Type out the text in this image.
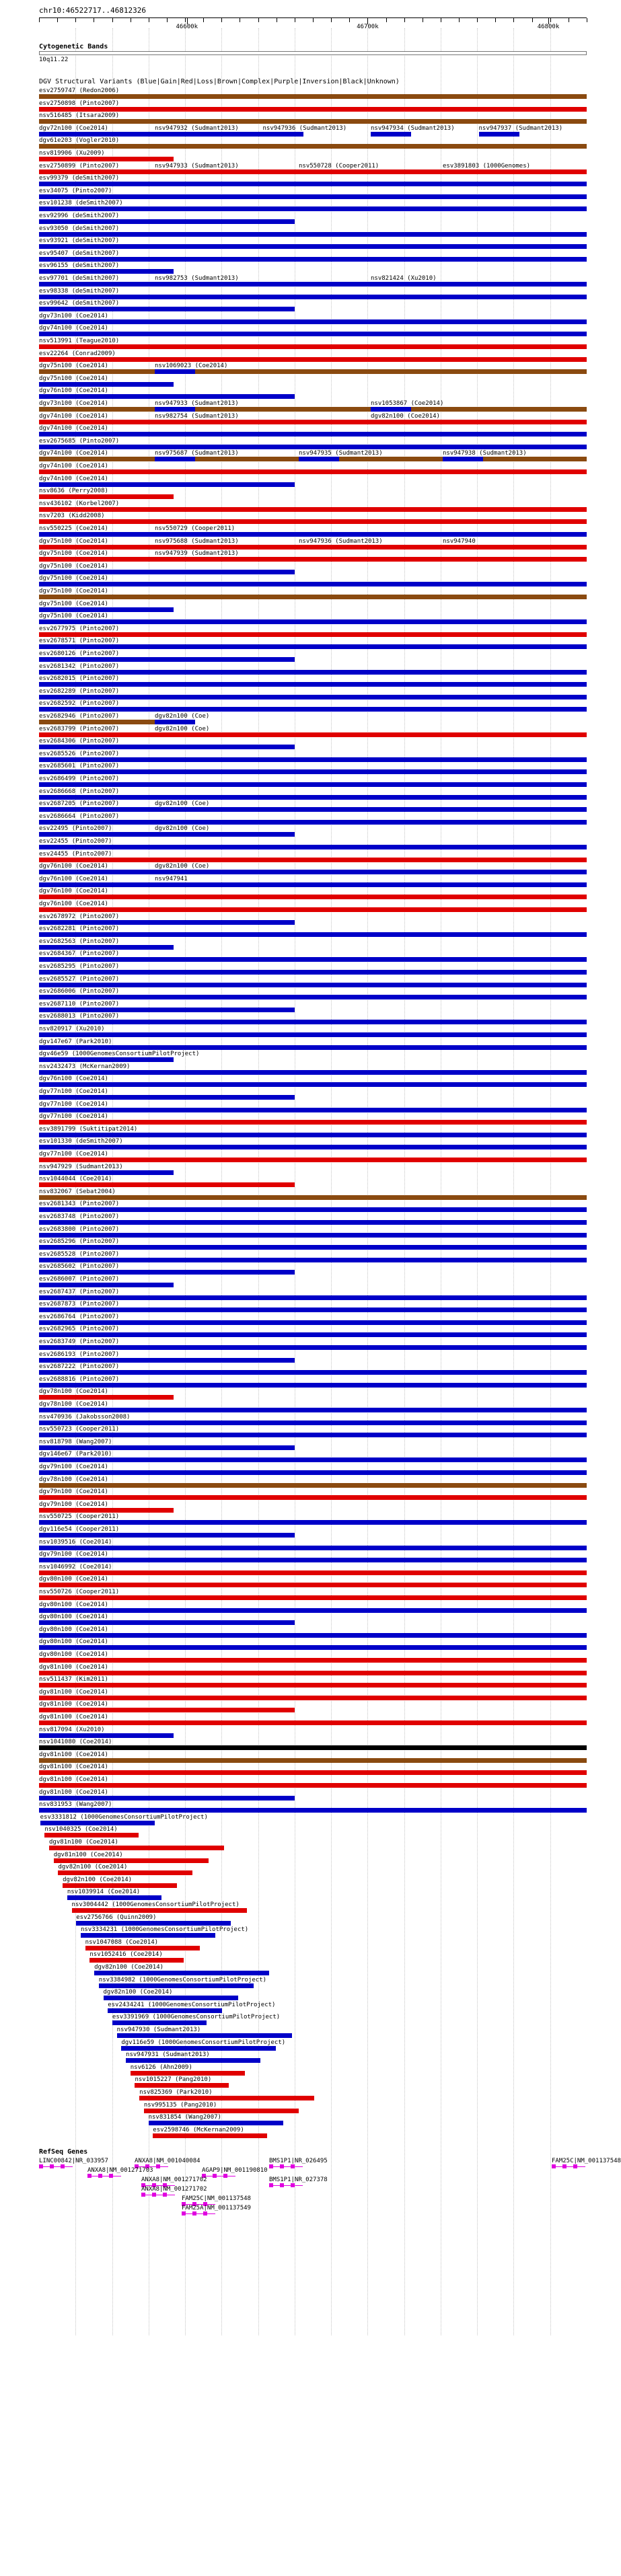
chr10:46522717..46812326
46600k	46700k	46800k
Cytogenetic Bands
10q11.22
DGV Structural Variants (Blue|Gain|Red|Loss|Brown|Complex|Purple|Inversion|Black|Unknown)
esv2759747 (Redon2006)
esv2750898 (Pinto2007)
nsv516485 (Itsara2009)
dgv72n100 (Coe2014)	nsv947932 (Sudmant2013)	nsv947936 (Sudmant2013)	nsv947934 (Sudmant2013)	nsv947937 (Sudmant2013)
dgv61e203 (Vogler2010)
nsv819906 (Xu2009)
esv2750899 (Pinto2007)	nsv947933 (Sudmant2013)	nsv550728 (Cooper2011)	esv3891803 (1000Genomes)
esv99379 (deSmith2007)
esv34075 (Pinto2007)
esv101238 (deSmith2007)
esv92996 (deSmith2007)
esv93050 (deSmith2007)
esv93921 (deSmith2007)
esv95407 (deSmith2007)
esv96155 (deSmith2007)
esv97701 (deSmith2007)	nsv982753 (Sudmant2013)	nsv821424 (Xu2010)
esv98338 (deSmith2007)
esv99642 (deSmith2007)
dgv73n100 (Coe2014)
dgv74n100 (Coe2014)
nsv513991 (Teague2010)
esv22264 (Conrad2009)
dgv75n100 (Coe2014)	nsv1069023 (Coe2014)
dgv75n100 (Coe2014)
dgv76n100 (Coe2014)
dgv73n100 (Coe2014)	nsv947933 (Sudmant2013)	nsv1053867 (Coe2014)
dgv74n100 (Coe2014)	nsv982754 (Sudmant2013)	dgv82n100 (Coe2014)
dgv74n100 (Coe2014)
esv2675685 (Pinto2007)
dgv74n100 (Coe2014)	nsv975687 (Sudmant2013)	nsv947935 (Sudmant2013)	nsv947938 (Sudmant2013)
dgv74n100 (Coe2014)
dgv74n100 (Coe2014)
nsv8636 (Perry2008)
nsv436102 (Korbel2007)
nsv7203 (Kidd2008)
nsv550225 (Coe2014)	nsv550729 (Cooper2011)
dgv75n100 (Coe2014)	nsv975688 (Sudmant2013)	nsv947936 (Sudmant2013)	nsv947940
dgv75n100 (Coe2014)	nsv947939 (Sudmant2013)
dgv75n100 (Coe2014)
dgv75n100 (Coe2014)
dgv75n100 (Coe2014)
dgv75n100 (Coe2014)
dgv75n100 (Coe2014)
esv2677975 (Pinto2007)
esv2678571 (Pinto2007)
esv2680126 (Pinto2007)
esv2681342 (Pinto2007)
esv2682015 (Pinto2007)
esv2682289 (Pinto2007)
esv2682592 (Pinto2007)
esv2682946 (Pinto2007)	dgv82n100 (Coe)
esv2683799 (Pinto2007)	dgv82n100 (Coe)
esv2684306 (Pinto2007)
esv2685526 (Pinto2007)
esv2685601 (Pinto2007)
esv2686499 (Pinto2007)
esv2686668 (Pinto2007)
esv2687205 (Pinto2007)	dgv82n100 (Coe)
esv2686664 (Pinto2007)
esv22495 (Pinto2007)	dgv82n100 (Coe)
esv22455 (Pinto2007)
esv24455 (Pinto2007)
dgv76n100 (Coe2014)	dgv82n100 (Coe)
dgv76n100 (Coe2014)	nsv947941
dgv76n100 (Coe2014)
dgv76n100 (Coe2014)
esv2678972 (Pinto2007)
esv2682281 (Pinto2007)
esv2682563 (Pinto2007)
esv2684367 (Pinto2007)
esv2685295 (Pinto2007)
esv2685527 (Pinto2007)
esv2686006 (Pinto2007)
esv2687110 (Pinto2007)
esv2688013 (Pinto2007)
nsv820917 (Xu2010)
dgv147e67 (Park2010)
dgv46e59 (1000GenomesConsortiumPilotProject)
nsv2432473 (McKernan2009)
dgv76n100 (Coe2014)
dgv77n100 (Coe2014)
dgv77n100 (Coe2014)
dgv77n100 (Coe2014)
esv3891799 (Suktitipat2014)
esv101330 (deSmith2007)
dgv77n100 (Coe2014)
nsv947929 (Sudmant2013)
nsv1044044 (Coe2014)
nsv832067 (Sebat2004)
esv2681343 (Pinto2007)
esv2683748 (Pinto2007)
esv2683800 (Pinto2007)
esv2685296 (Pinto2007)
esv2685528 (Pinto2007)
esv2685602 (Pinto2007)
esv2686007 (Pinto2007)
esv2687437 (Pinto2007)
esv2687873 (Pinto2007)
esv2686764 (Pinto2007)
esv2682965 (Pinto2007)
esv2683749 (Pinto2007)
esv2686193 (Pinto2007)
esv2687222 (Pinto2007)
esv2688816 (Pinto2007)
dgv78n100 (Coe2014)
dgv78n100 (Coe2014)
nsv470936 (Jakobsson2008)
nsv550723 (Cooper2011)
nsv818798 (Wang2007)
dgv146e67 (Park2010)
dgv79n100 (Coe2014)
dgv78n100 (Coe2014)
dgv79n100 (Coe2014)
dgv79n100 (Coe2014)
nsv550725 (Cooper2011)
dgv116e54 (Cooper2011)
nsv1039516 (Coe2014)
dgv79n100 (Coe2014)
nsv1046992 (Coe2014)
dgv80n100 (Coe2014)
nsv550726 (Cooper2011)
dgv80n100 (Coe2014)
dgv80n100 (Coe2014)
dgv80n100 (Coe2014)
dgv80n100 (Coe2014)
dgv80n100 (Coe2014)
dgv81n100 (Coe2014)
nsv511437 (Kim2011)
dgv81n100 (Coe2014)
dgv81n100 (Coe2014)
dgv81n100 (Coe2014)
nsv817094 (Xu2010)
nsv1041080 (Coe2014)
dgv81n100 (Coe2014)
dgv81n100 (Coe2014)
dgv81n100 (Coe2014)
dgv81n100 (Coe2014)
nsv831953 (Wang2007)
esv3331812 (1000GenomesConsortiumPilotProject)
nsv1040325 (Coe2014)
dgv81n100 (Coe2014)
dgv81n100 (Coe2014)
dgv82n100 (Coe2014)
dgv82n100 (Coe2014)
nsv1039914 (Coe2014)
nsv3004442 (1000GenomesConsortiumPilotProject)
esv2756766 (Quinn2009)
nsv3334231 (1000GenomesConsortiumPilotProject)
nsv1047088 (Coe2014)
nsv1052416 (Coe2014)
dgv82n100 (Coe2014)
nsv3384982 (1000GenomesConsortiumPilotProject)
dgv82n100 (Coe2014)
esv2434241 (1000GenomesConsortiumPilotProject)
esv3391969 (1000GenomesConsortiumPilotProject)
nsv947930 (Sudmant2013)
dgv116e59 (1000GenomesConsortiumPilotProject)
nsv947931 (Sudmant2013)
nsv6126 (Ahn2009)
nsv1015227 (Pang2010)
nsv825369 (Park2010)
nsv995135 (Pang2010)
nsv831854 (Wang2007)
esv2598746 (McKernan2009)
RefSeq Genes
LINC00842|NR_033957	ANXA8|NM_001040084	BMS1P1|NR_026495	FAM25C|NM_001137548
ANXA8|NM_001271703	AGAP9|NM_001190810
ANXA8|NM_001271702	BMS1P1|NR_027378
ANXA8|NM_001271702
FAM25C|NM_001137548
FAM25A|NM_001137549
